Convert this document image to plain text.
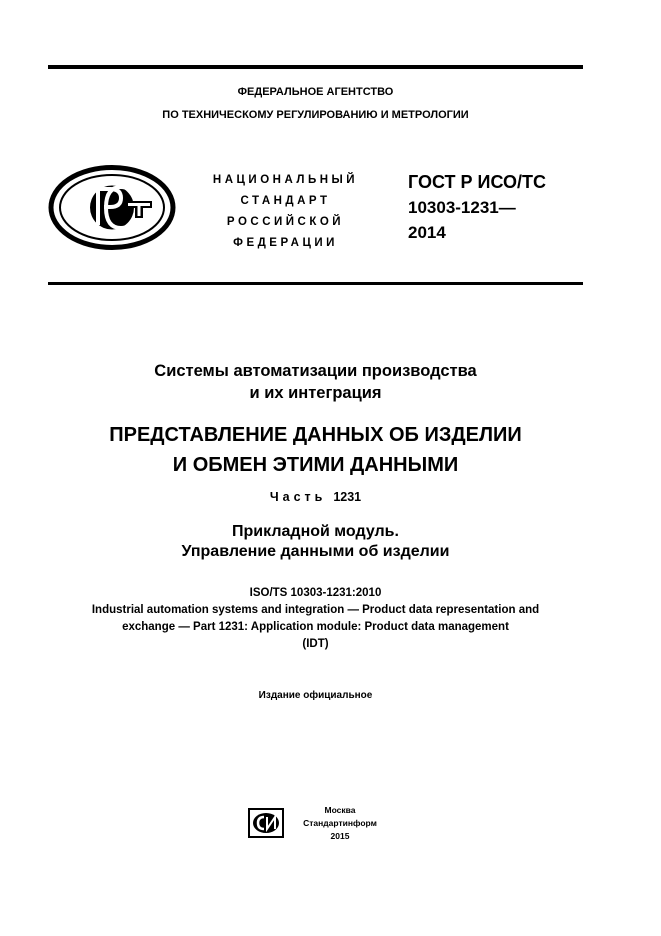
ФЕДЕРАЛЬНОЕ АГЕНТСТВО
ПО ТЕХНИЧЕСКОМУ РЕГУЛИРОВАНИЮ И МЕТРОЛОГИИ
НАЦИОНАЛЬНЫЙ
СТАНДАРТ
РОССИЙСКОЙ
ФЕДЕРАЦИИ
ГОСТ Р ИСО/ТС
10303-1231—
2014
Системы автоматизации производства
и их интеграция
ПРЕДСТАВЛЕНИЕ ДАННЫХ ОБ ИЗДЕЛИИ
И ОБМЕН ЭТИМИ ДАННЫМИ
Часть 1231
Прикладной модуль.
Управление данными об изделии
ISO/TS 10303-1231:2010
Industrial automation systems and integration — Product data representation and
exchange — Part 1231: Application module: Product data management
(IDT)
Издание официальное
Москва
Стандартинформ
2015
